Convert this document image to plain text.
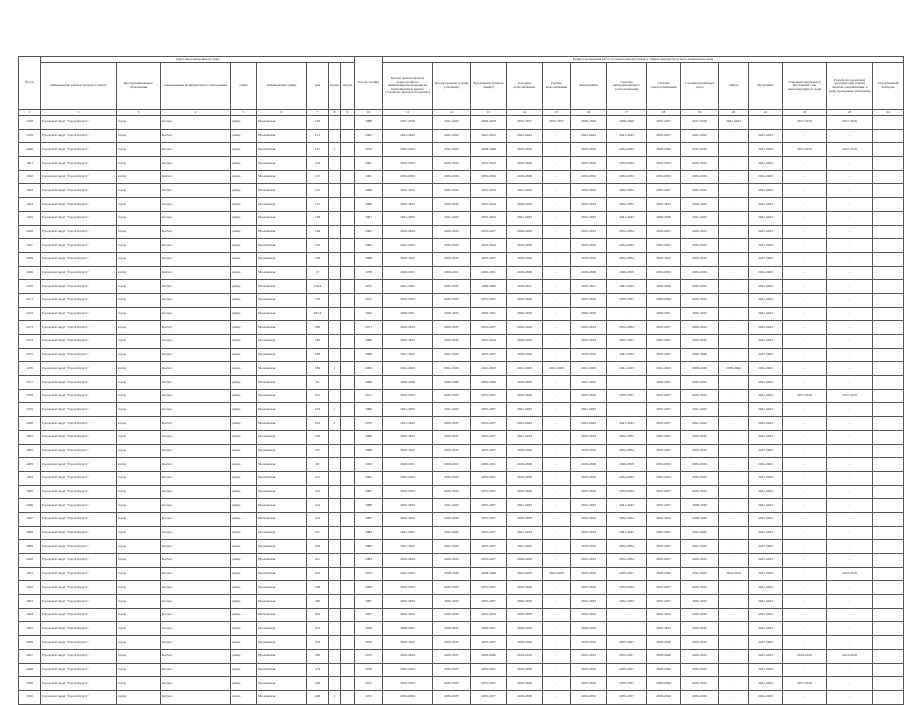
№ п/п	Адрес многоквартирного дома								Год постройки	Период проведения работ по капитальному ремонту общего имущества в многоквартирном доме													
	наименование района/городского округа	вид муниципального образования	наименование муниципального образования	улица	наименование улицы	дом	корпус	литера		Кровля (ремонт кровли, переустройство невентилируемой крыши на вентилируемую крышу, устройство выходов на кровлю)	Фасады (ремонт и (или) утепление)	Фундаменты (ремонт, замена)	Холодное водоснабжение	Горячее водоснабжение	Канализация	Система централизованного теплоснабжения	Система электроснабжения	Счетчики (приборы) учета	Лифты	Фундамент	Утепление наружных и внутренних стен многоквартирного дома	Разработка проектной документации и (или) сметной документации, в (или) проведение экспертизы	Строительный контроль
1	2	3	4	5	6	7	8	9	10	11	12	13	14	15	16	17	18	19	20	21	22	23	24
1458	Городской округ "Город Калуга"	город	Калуга	улица	Московская	120			1988	2017-2019	2041-2043	2026-2028	2035-2037	2035-2037	2038-2040	2038-2040	2035-2037	2017-2019	2041-2043		2017-2019	2017-2019	
1459	Городской округ "Город Калуга"	город	Калуга	улица	Московская	121			1962	2041-2043	2041-2043	2041-2043	2041-2043	-	2041-2043	2041-2043	2035-2037	2041-2043	-	2041-2043	-	-	
1460	Городской округ "Город Калуга"	город	Калуга	улица	Московская	121	1		1974	2032-2034	2041-2043	2038-2040	2032-2034	-	2032-2034	2032-2034	2038-2040	2017-2019	-	2041-2043	2017-2019	2017-2019	
1461	Городской округ "Город Калуга"	город	Калуга	улица	Московская	123			1961	2032-2034	2032-2034	2032-2034	2026-2028	-	2032-2034	2032-2034	2032-2034	2032-2034	-	2041-2043	-	-	
1462	Городской округ "Город Калуга"	город	Калуга	улица	Московская	125			1961	2032-2034	2032-2034	2032-2034	2026-2028	-	2032-2034	2032-2034	2032-2034	2032-2034	-	2041-2043	-	-	
1463	Городской округ "Город Калуга"	город	Калуга	улица	Московская	125			1968	2032-2034	2041-2043	2032-2034	2041-2043	-	2032-2034	2032-2034	2035-2037	2041-2043	-	2041-2043	-	-	
1464	Городской округ "Город Калуга"	город	Калуга	улица	Московская	127			1960	2032-2034	2032-2034	2032-2034	2026-2028	-	2032-2034	2032-2034	2032-2034	2026-2028	-	2041-2043	-	-	
1465	Городской округ "Город Калуга"	город	Калуга	улица	Московская	128			1961	2041-2043	2041-2043	2032-2034	2041-2043	-	2032-2034	2041-2043	2026-2028	2041-2043	-	2041-2043	-	-	
1466	Городской округ "Город Калуга"	город	Калуга	улица	Московская	129			1962	2032-2034	2032-2034	2035-2037	2026-2028	-	2032-2034	2032-2034	2029-2031	2029-2031	-	2041-2043	-	-	
1467	Городской округ "Город Калуга"	город	Калуга	улица	Московская	132			1960	2041-2043	2032-2034	2032-2034	2026-2028	-	2032-2034	2032-2034	2035-2037	2032-2034	-	2041-2043	-	-	
1468	Городской округ "Город Калуга"	город	Калуга	улица	Московская	139			1968	2032-2034	2035-2037	2035-2037	2026-2028	-	2032-2034	2032-2034	2032-2034	2032-2034	-	2041-2043	-	-	
1469	Городской округ "Город Калуга"	город	Калуга	улица	Московская	17			1978	2029-2031	2029-2031	2029-2031	2026-2028	-	2026-2028	2026-2028	2032-2034	2032-2034	-	2041-2043	-	-	
1470	Городской округ "Город Калуга"	город	Калуга	улица	Московская	176/4			1975	2041-2043	2035-2037	2038-2040	2029-2031	-	2035-2037	2041-2043	2038-2040	2032-2034	-	2041-2043	-	-	
1471	Городской округ "Город Калуга"	город	Калуга	улица	Московская	178			1972	2032-2034	2035-2037	2035-2037	2026-2028	-	2032-2034	2035-2037	2038-2040	2032-2034	-	2041-2043	-	-	
1472	Городской округ "Город Калуга"	город	Калуга	улица	Московская	18/14			1945	2029-2031	2029-2031	2029-2031	2026-2028	-	2026-2028	-	2029-2031	2032-2034	-	2041-2043	-	-	
1473	Городской округ "Город Калуга"	город	Калуга	улица	Московская	180			1971	2032-2034	2035-2037	2035-2037	2026-2028	-	2032-2034	2032-2034	2035-2037	2032-2034	-	2041-2043	-	-	
1474	Городской округ "Город Калуга"	город	Калуга	улица	Московская	182			1980	2032-2034	2032-2034	2032-2034	2026-2028	-	2032-2034	2035-2037	2035-2037	2032-2034	-	2041-2043	-	-	
1475	Городской округ "Город Калуга"	город	Калуга	улица	Московская	183			1980	2041-2043	2041-2043	2035-2037	2026-2028	-	2032-2034	2041-2043	2035-2037	2026-2028	-	2041-2043	-	-	
1476	Городской округ "Город Калуга"	город	Калуга	улица	Московская	184	1		2004	2041-2043	2041-2043	2041-2043	2041-2043	2041-2043	2041-2043	2041-2043	2041-2043	2038-2040	2038-2040	2041-2043	-	-	
1477	Городской округ "Город Калуга"	город	Калуга	улица	Московская	19			1999	2026-2028	2026-2028	2026-2028	2026-2028	-	2023-2025	-	2029-2031	2032-2034	-	2041-2043	-	-	
1478	Городской округ "Город Калуга"	город	Калуга	улица	Московская	191			1971	2032-2034	2035-2037	2035-2037	2026-2028	-	2032-2034	2035-2037	2035-2037	2032-2034	-	2041-2043	2017-2019	2017-2019	
1479	Городской округ "Город Калуга"	город	Калуга	улица	Московская	193	1		1966	2041-2043	2041-2043	2035-2037	2041-2043	-	2041-2043	-	2035-2037	2041-2043	-	2041-2043	-	-	
1480	Городской округ "Город Калуга"	город	Калуга	улица	Московская	193	2		1970	2041-2043	2035-2037	2035-2037	2041-2043	-	2041-2043	2041-2043	2035-2037	2041-2043	-	2041-2043	-	-	
1481	Городской округ "Город Калуга"	город	Калуга	улица	Московская	195			1969	2032-2034	2035-2037	2035-2037	2041-2043	-	2032-2034	2032-2034	2035-2037	2032-2034	-	2041-2043	-	-	
1482	Городской округ "Город Калуга"	город	Калуга	улица	Московская	197			1968	2032-2034	2035-2037	2035-2037	2026-2028	-	2032-2034	2032-2034	2035-2037	2032-2034	-	2041-2043	-	-	
1483	Городской округ "Город Калуга"	город	Калуга	улица	Московская	20			1959	2029-2031	2029-2031	2029-2031	2026-2028	-	2026-2028	2026-2028	2032-2034	2032-2034	-	2041-2043	-	-	
1484	Городской округ "Город Калуга"	город	Калуга	улица	Московская	211			1992	2032-2034	2032-2034	2035-2037	2026-2028	-	2032-2034	2032-2034	2032-2034	2032-2034	-	2041-2043	-	-	
1485	Городской округ "Город Калуга"	город	Калуга	улица	Московская	213			1993	2032-2034	2032-2034	2035-2037	2026-2028	-	2032-2034	2032-2034	2035-2037	2032-2034	-	2041-2043	-	-	
1486	Городской округ "Город Калуга"	город	Калуга	улица	Московская	214			1988	2032-2034	2041-2043	2035-2037	2041-2043	-	2032-2034	2041-2043	2035-2037	2038-2040	-	2041-2043	-	-	
1487	Городской округ "Город Калуга"	город	Калуга	улица	Московская	215			1983	2032-2034	2032-2034	2035-2037	2026-2028	-	2032-2034	2032-2034	2032-2034	2038-2040	-	2041-2043	-	-	
1488	Городской округ "Город Калуга"	город	Калуга	улица	Московская	217			1984	2041-2043	2041-2043	2035-2037	2041-2043	-	2032-2034	2041-2043	2035-2037	2041-2043	-	2041-2043	-	-	
1489	Городской округ "Город Калуга"	город	Калуга	улица	Московская	219			1983	2041-2043	2041-2043	2035-2037	2041-2043	-	2032-2034	2032-2034	2035-2037	2041-2043	-	2041-2043	-	-	
1490	Городской округ "Город Калуга"	город	Калуга	улица	Московская	221			1984	2032-2034	2032-2034	2035-2037	2026-2028	-	2032-2034	2032-2034	2035-2037	2032-2034	-	2041-2043	-	-	
1491	Городской округ "Город Калуга"	город	Калуга	улица	Московская	223			1973	2041-2043	2038-2040	2038-2040	2041-2043	2041-2043	2032-2034	2035-2037	2038-2040	2041-2043	2014-2016	2041-2043	-	2014-2016	
1492	Городской округ "Город Калуга"	город	Калуга	улица	Московская	228			1969	2032-2034	2035-2037	2035-2037	2026-2028	-	2032-2034	2032-2034	2035-2037	2032-2034	-	2041-2043	-	-	
1493	Городской округ "Город Калуга"	город	Калуга	улица	Московская	230			1967	2032-2034	2032-2034	2035-2037	2026-2028	-	2032-2034	2032-2034	2035-2037	2032-2034	-	2041-2043	-	-	
1494	Городской округ "Город Калуга"	город	Калуга	улица	Московская	232			1957	2032-2034	2032-2034	2032-2034	2026-2028	-	2032-2034	-	2032-2034	2032-2034	-	2041-2043	-	-	
1495	Городской округ "Город Калуга"	город	Калуга	улица	Московская	233			1949	2029-2031	2029-2031	2029-2031	2026-2028	-	2026-2028	-	2032-2034	2032-2034	-	2041-2043	-	-	
1496	Городской округ "Город Калуга"	город	Калуга	улица	Московская	234			1976	2032-2034	2035-2037	2035-2037	2026-2028	-	2032-2034	2035-2037	2038-2040	2032-2034	-	2041-2043	-	-	
1497	Городской округ "Город Калуга"	город	Калуга	улица	Московская	236			1972	2032-2034	2035-2037	2038-2040	2014-2016	-	2032-2034	2035-2037	2038-2040	2032-2034	-	2041-2043	2014-2016	2014-2016	
1498	Городской округ "Город Калуга"	город	Калуга	улица	Московская	274			1970	2032-2034	2035-2037	2035-2037	2026-2028	-	2032-2034	2035-2037	2038-2040	2032-2034	-	2041-2043	-	-	
1499	Городской округ "Город Калуга"	город	Калуга	улица	Московская	249			1972	2032-2034	2035-2037	2035-2037	2026-2028	-	2032-2034	2035-2037	2038-2040	2032-2034	-	2041-2043	2017-2019	-	
1500	Городской округ "Город Калуга"	город	Калуга	улица	Московская	248	1		1972	2032-2034	2035-2037	2035-2037	2026-2028	-	2032-2034	2035-2037	2038-2040	2032-2034	-	2041-2043	-	-	
